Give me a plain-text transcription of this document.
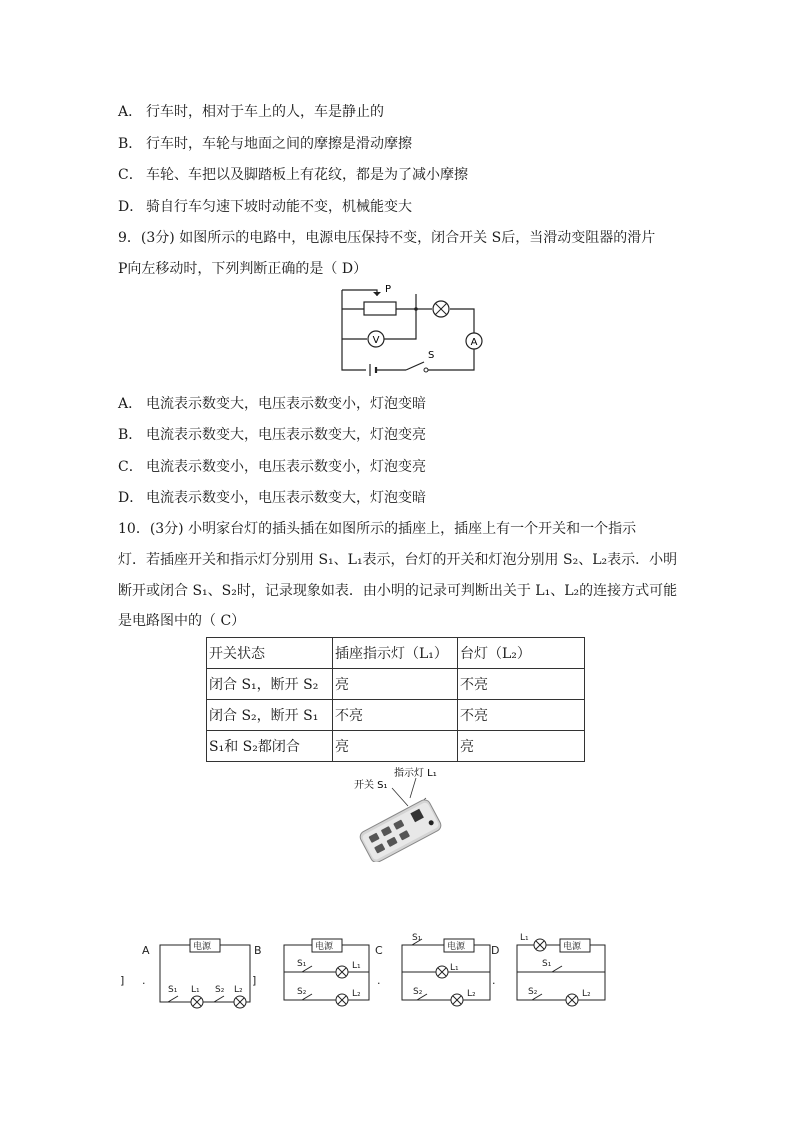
A． 行车时，相对于车上的人，车是静止的
B． 行车时，车轮与地面之间的摩擦是滑动摩擦
C． 车轮、车把以及脚踏板上有花纹，都是为了减小摩擦
D． 骑自行车匀速下坡时动能不变，机械能变大
9．(3分) 如图所示的电路中，电源电压保持不变，闭合开关 S后，当滑动变阻器的滑片
P向左移动时，下列判断正确的是（ D）
V	A
P
S
A． 电流表示数变大，电压表示数变小，灯泡变暗
B． 电流表示数变大，电压表示数变大，灯泡变亮
C． 电流表示数变小，电压表示数变小，灯泡变亮
D． 电流表示数变小，电压表示数变大，灯泡变暗
10．(3分) 小明家台灯的插头插在如图所示的插座上，插座上有一个开关和一个指示
灯．若插座开关和指示灯分别用 S₁、L₁表示，台灯的开关和灯泡分别用 S₂、L₂表示．小明
断开或闭合 S₁、S₂时，记录现象如表．由小明的记录可判断出关于 L₁、L₂的连接方式可能
是电路图中的（ C）
开关状态	插座指示灯（L₁）	台灯（L₂）
闭合 S₁，断开 S₂	亮	不亮
闭合 S₂，断开 S₁	不亮	不亮
S₁和 S₂都闭合	亮	亮
开关 S₁
指示灯 L₁
A	B	C	D
] .	]	.	.
电源
S₁ L₁ S₂ L₂
电源
S₁	L₁
S₂	L₂
S₁
电源
L₁
S₂	L₂
L₁
电源
S₁
S₂	L₂
